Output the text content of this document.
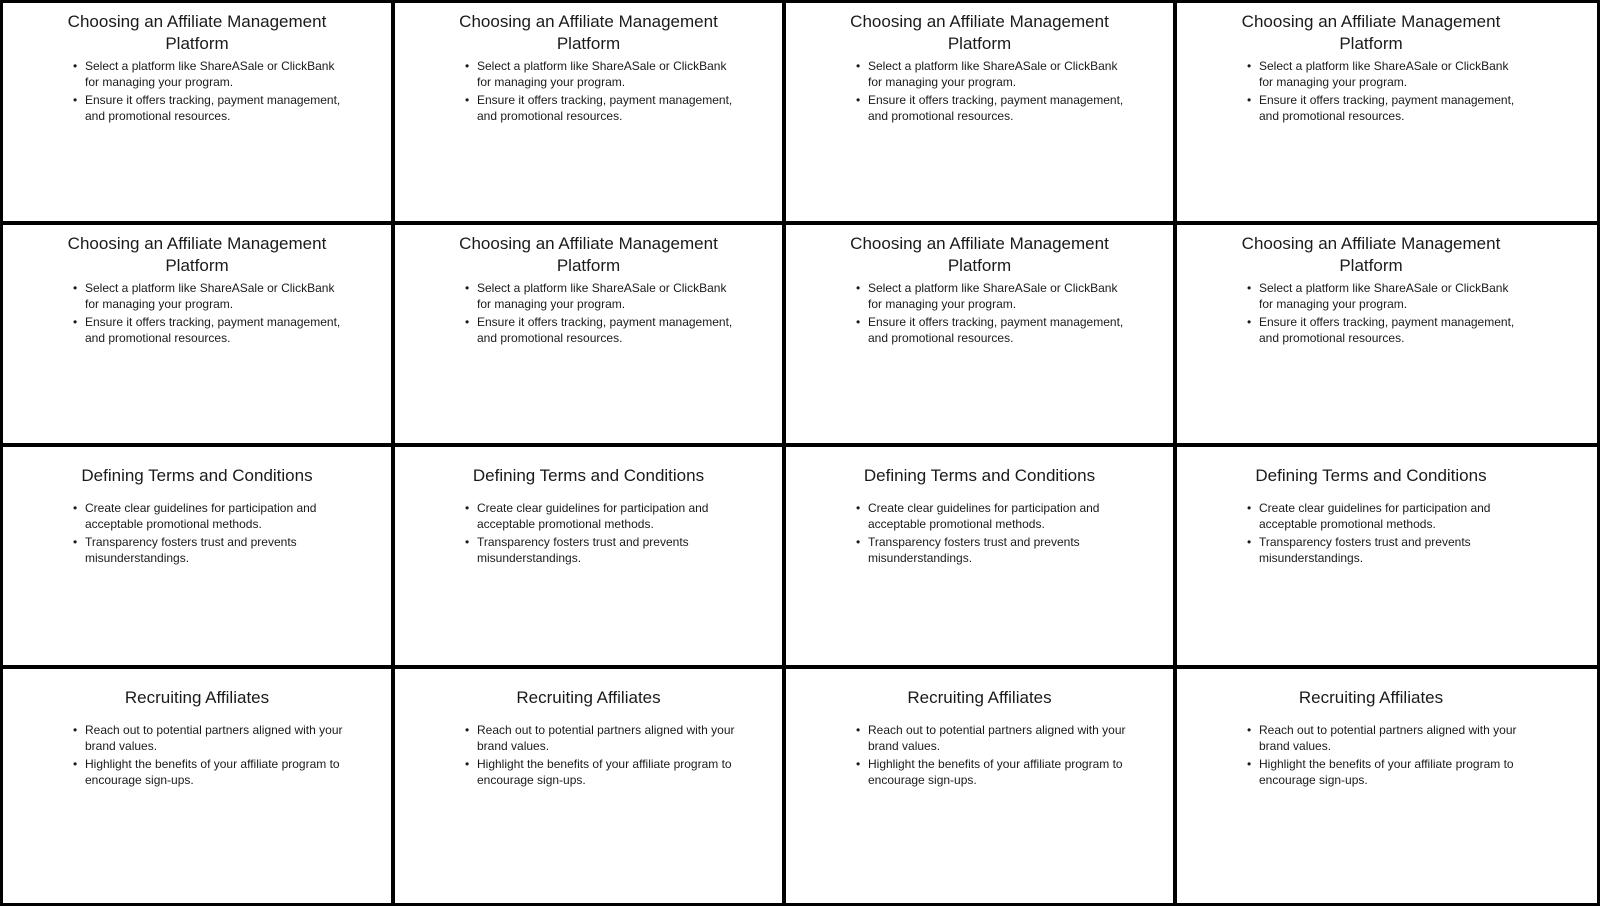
Choosing an Affiliate Management Platform
• Select a platform like ShareASale or ClickBank for managing your program.
• Ensure it offers tracking, payment management, and promotional resources.
Choosing an Affiliate Management Platform
• Select a platform like ShareASale or ClickBank for managing your program.
• Ensure it offers tracking, payment management, and promotional resources.
Choosing an Affiliate Management Platform
• Select a platform like ShareASale or ClickBank for managing your program.
• Ensure it offers tracking, payment management, and promotional resources.
Choosing an Affiliate Management Platform
• Select a platform like ShareASale or ClickBank for managing your program.
• Ensure it offers tracking, payment management, and promotional resources.
Choosing an Affiliate Management Platform
• Select a platform like ShareASale or ClickBank for managing your program.
• Ensure it offers tracking, payment management, and promotional resources.
Choosing an Affiliate Management Platform
• Select a platform like ShareASale or ClickBank for managing your program.
• Ensure it offers tracking, payment management, and promotional resources.
Choosing an Affiliate Management Platform
• Select a platform like ShareASale or ClickBank for managing your program.
• Ensure it offers tracking, payment management, and promotional resources.
Choosing an Affiliate Management Platform
• Select a platform like ShareASale or ClickBank for managing your program.
• Ensure it offers tracking, payment management, and promotional resources.
Defining Terms and Conditions
• Create clear guidelines for participation and acceptable promotional methods.
• Transparency fosters trust and prevents misunderstandings.
Defining Terms and Conditions
• Create clear guidelines for participation and acceptable promotional methods.
• Transparency fosters trust and prevents misunderstandings.
Defining Terms and Conditions
• Create clear guidelines for participation and acceptable promotional methods.
• Transparency fosters trust and prevents misunderstandings.
Defining Terms and Conditions
• Create clear guidelines for participation and acceptable promotional methods.
• Transparency fosters trust and prevents misunderstandings.
Recruiting Affiliates
• Reach out to potential partners aligned with your brand values.
• Highlight the benefits of your affiliate program to encourage sign-ups.
Recruiting Affiliates
• Reach out to potential partners aligned with your brand values.
• Highlight the benefits of your affiliate program to encourage sign-ups.
Recruiting Affiliates
• Reach out to potential partners aligned with your brand values.
• Highlight the benefits of your affiliate program to encourage sign-ups.
Recruiting Affiliates
• Reach out to potential partners aligned with your brand values.
• Highlight the benefits of your affiliate program to encourage sign-ups.
